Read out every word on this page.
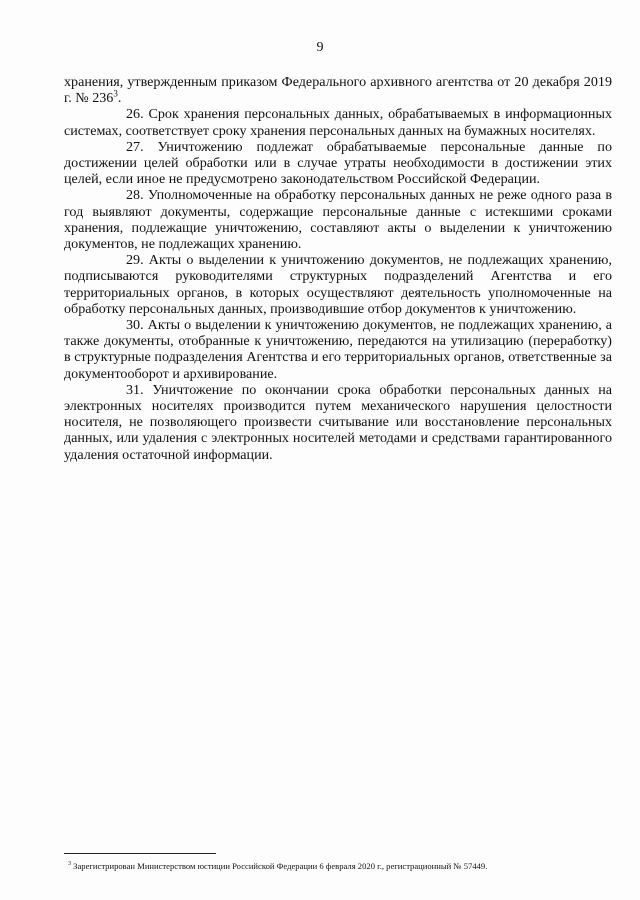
9

хранения, утвержденным приказом Федерального архивного агентства от 20 декабря 2019 г. № $236^3$.

26. Срок хранения персональных данных, обрабатываемых в информационных системах, соответствует сроку хранения персональных данных на бумажных носителях.

27. Уничтожению подлежат обрабатываемые персональные данные по достижении целей обработки или в случае утраты необходимости в достижении этих целей, если иное не предусмотрено законодательством Российской Федерации.

28. Уполномоченные на обработку персональных данных не реже одного раза в год выявляют документы, содержащие персональные данные с истекшими сроками хранения, подлежащие уничтожению, составляют акты о выделении к уничтожению документов, не подлежащих хранению.

29. Акты о выделении к уничтожению документов, не подлежащих хранению, подписываются руководителями структурных подразделений Агентства и его территориальных органов, в которых осуществляют деятельность уполномоченные на обработку персональных данных, производившие отбор документов к уничтожению.

30. Акты о выделении к уничтожению документов, не подлежащих хранению, а также документы, отобранные к уничтожению, передаются на утилизацию (переработку) в структурные подразделения Агентства и его территориальных органов, ответственные за документооборот и архивирование.

31. Уничтожение по окончании срока обработки персональных данных на электронных носителях производится путем механического нарушения целостности носителя, не позволяющего произвести считывание или восстановление персональных данных, или удаления с электронных носителей методами и средствами гарантированного удаления остаточной информации.

$^3$ Зарегистрирован Министерством юстиции Российской Федерации 6 февраля 2020 г., регистрационный № 57449.
